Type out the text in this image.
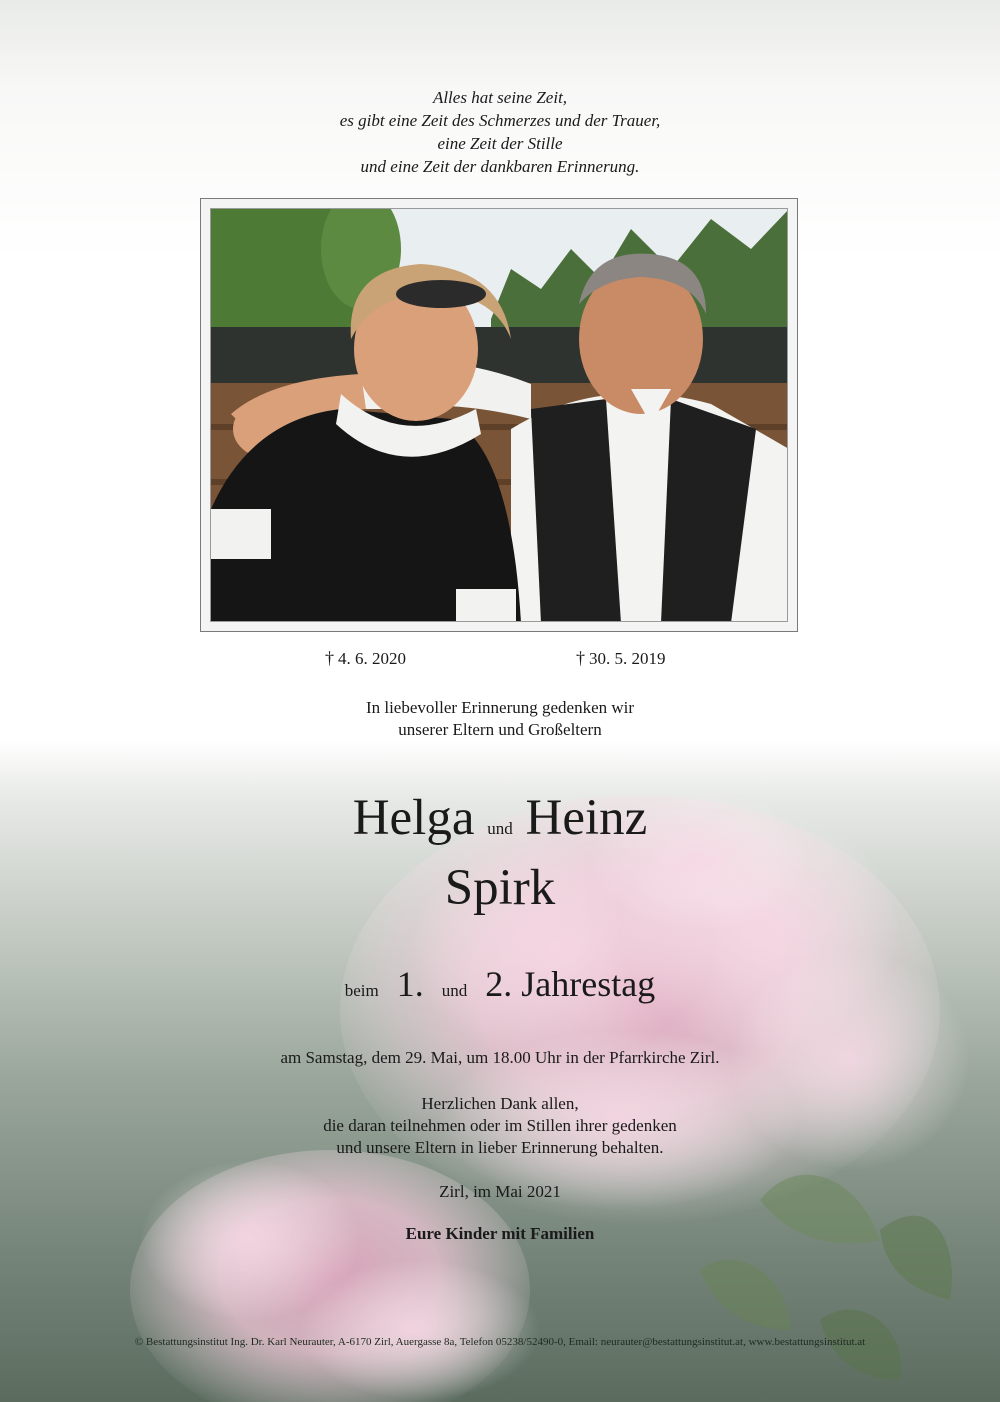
Alles hat seine Zeit,
es gibt eine Zeit des Schmerzes und der Trauer,
eine Zeit der Stille
und eine Zeit der dankbaren Erinnerung.
† 4. 6. 2020	† 30. 5. 2019
In liebevoller Erinnerung gedenken wir
unserer Eltern und Großeltern
Helga und Heinz
Spirk
beim 1. und 2. Jahrestag
am Samstag, dem 29. Mai, um 18.00 Uhr in der Pfarrkirche Zirl.
Herzlichen Dank allen,
die daran teilnehmen oder im Stillen ihrer gedenken
und unsere Eltern in lieber Erinnerung behalten.
Zirl, im Mai 2021
Eure Kinder mit Familien
© Bestattungsinstitut Ing. Dr. Karl Neurauter, A-6170 Zirl, Auergasse 8a, Telefon 05238/52490-0, Email: neurauter@bestattungsinstitut.at, www.bestattungsinstitut.at
